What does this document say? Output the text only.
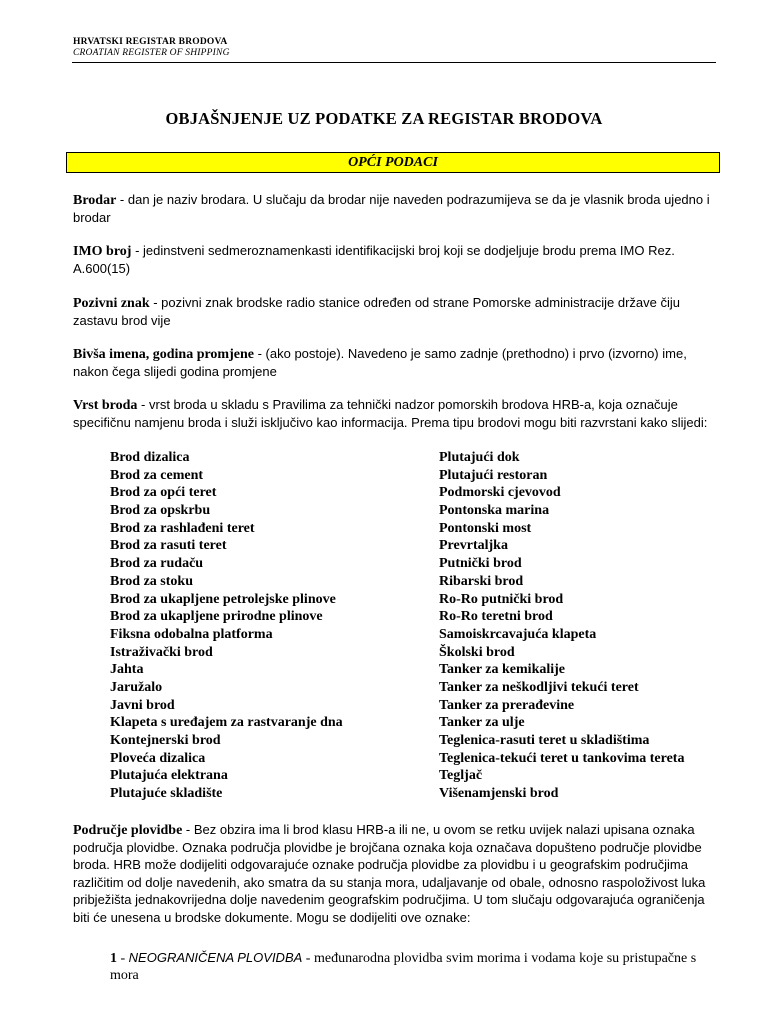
HRVATSKI REGISTAR BRODOVA
CROATIAN REGISTER OF SHIPPING
OBJAŠNJENJE UZ PODATKE ZA REGISTAR BRODOVA
OPĆI PODACI
Brodar - dan je naziv brodara. U slučaju da brodar nije naveden podrazumijeva se da je vlasnik broda ujedno i brodar
IMO broj - jedinstveni sedmeroznamenkasti identifikacijski broj koji se dodjeljuje brodu prema IMO Rez. A.600(15)
Pozivni znak - pozivni znak brodske radio stanice određen od strane Pomorske administracije države čiju zastavu brod vije
Bivša imena, godina promjene - (ako postoje). Navedeno je samo zadnje (prethodno) i prvo (izvorno) ime, nakon čega slijedi godina promjene
Vrst broda - vrst broda u skladu s Pravilima za tehnički nadzor pomorskih brodova HRB-a, koja označuje specifičnu namjenu broda i služi isključivo kao informacija. Prema tipu brodovi mogu biti razvrstani kako slijedi:
Brod dizalica
Brod za cement
Brod za opći teret
Brod za opskrbu
Brod za rashlađeni teret
Brod za rasuti teret
Brod za rudaču
Brod za stoku
Brod za ukapljene petrolejske plinove
Brod za ukapljene prirodne plinove
Fiksna odobalna platforma
Istraživački brod
Jahta
Jaružalo
Javni brod
Klapeta s uređajem za rastvaranje dna
Kontejnerski brod
Ploveća dizalica
Plutajuća elektrana
Plutajuće skladište
Plutajući dok
Plutajući restoran
Podmorski cjevovod
Pontonska marina
Pontonski most
Prevrtaljka
Putnički brod
Ribarski brod
Ro-Ro putnički brod
Ro-Ro teretni brod
Samoiskrcavajuća klapeta
Školski brod
Tanker za kemikalije
Tanker za neškodljivi tekući teret
Tanker za prerađevine
Tanker za ulje
Teglenica-rasuti teret u skladištima
Teglenica-tekući teret u tankovima tereta
Tegljač
Višenamjenski brod
Područje plovidbe - Bez obzira ima li brod klasu HRB-a ili ne, u ovom se retku uvijek nalazi upisana oznaka područja plovidbe. Oznaka područja plovidbe je brojčana oznaka koja označava dopušteno područje plovidbe broda. HRB može dodijeliti odgovarajuće oznake područja plovidbe za plovidbu i u geografskim područjima različitim od dolje navedenih, ako smatra da su stanja mora, udaljavanje od obale, odnosno raspoloživost luka pribježišta jednakovrijedna dolje navedenim geografskim područjima. U tom slučaju odgovarajuća ograničenja biti će unesena u brodske dokumente. Mogu se dodijeliti ove oznake:
1 - NEOGRANIČENA PLOVIDBA - međunarodna plovidba svim morima i vodama koje su pristupačne s mora
